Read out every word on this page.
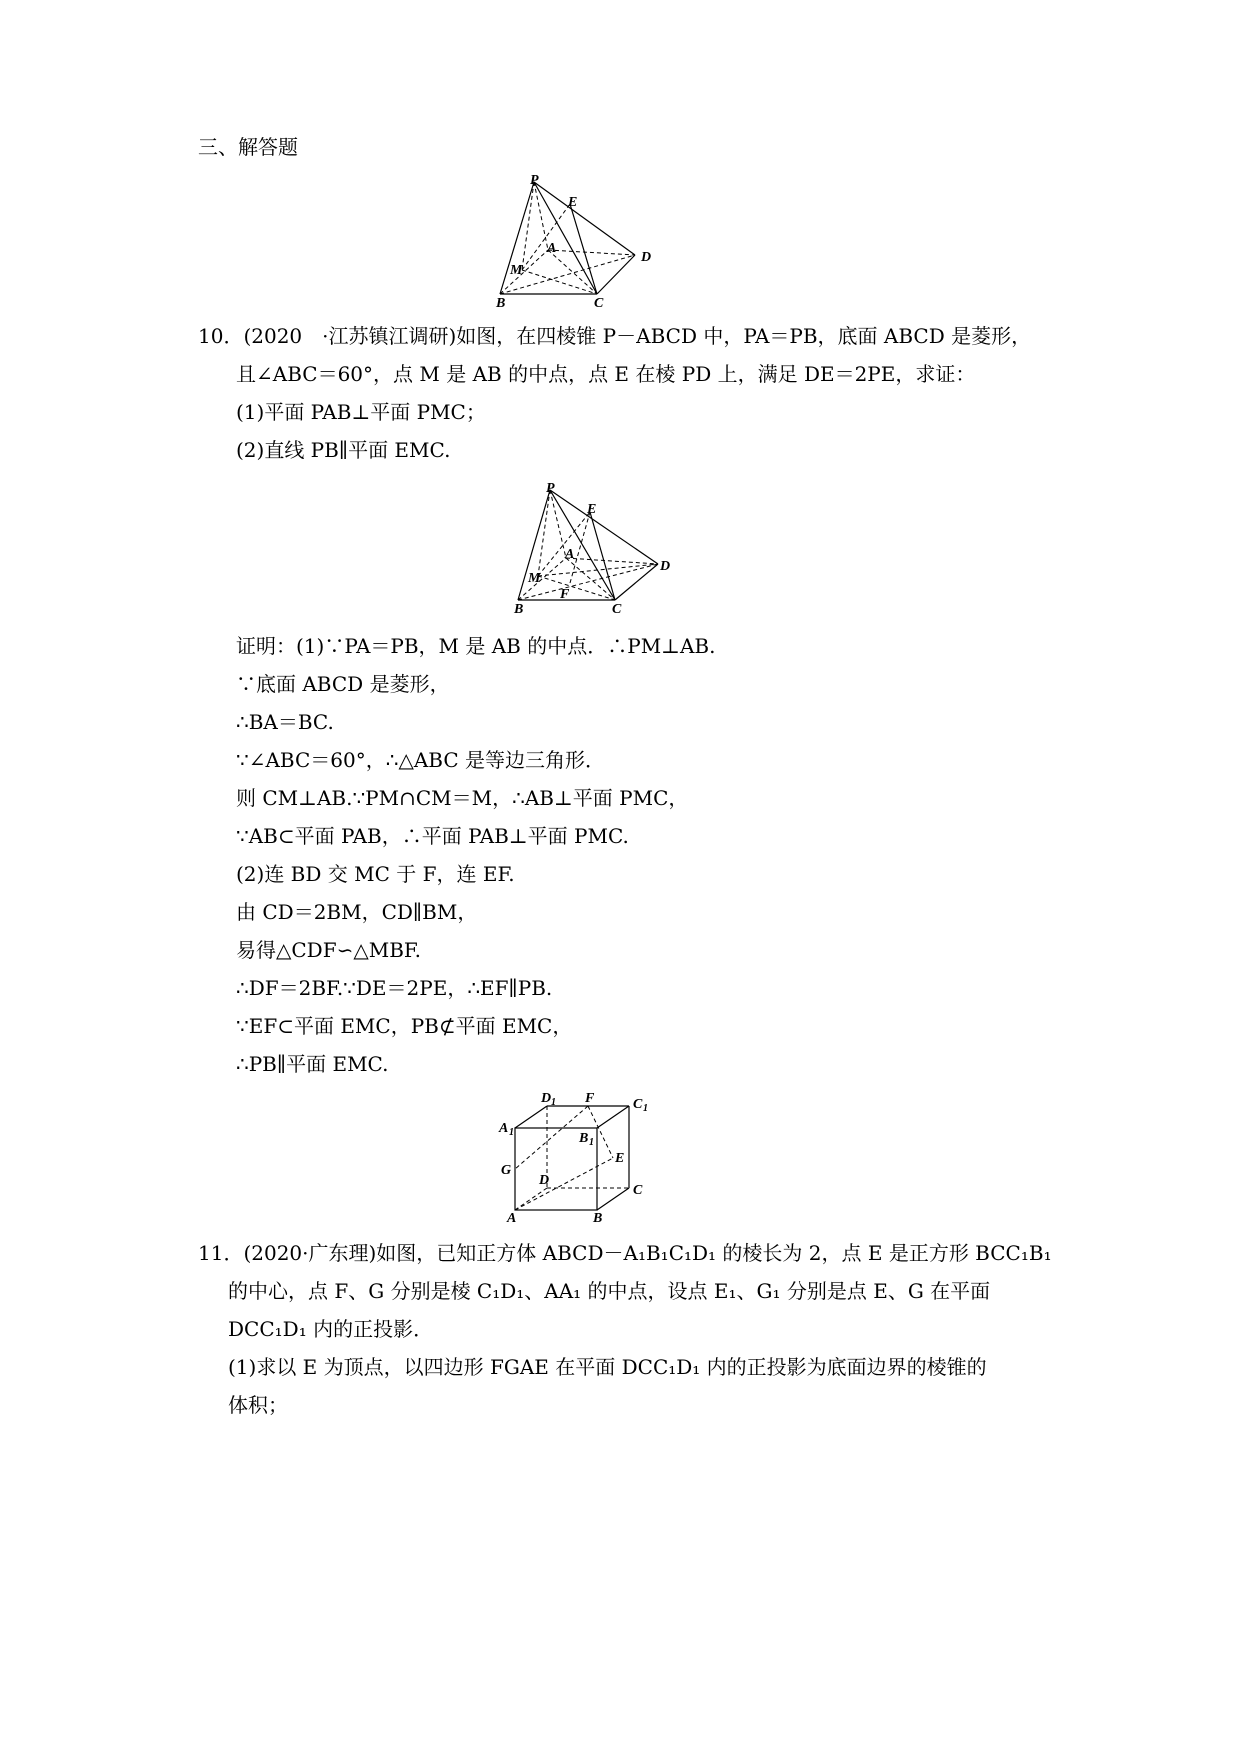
三、解答题
P
E
A
D
M
B	C
10．(2020　·江苏镇江调研)如图，在四棱锥 P－ABCD 中，PA＝PB，底面 ABCD 是菱形，
且∠ABC＝60°，点 M 是 AB 的中点，点 E 在棱 PD 上，满足 DE＝2PE，求证：
(1)平面 PAB⊥平面 PMC；
(2)直线 PB∥平面 EMC.
P
E
A
D
M
F
B	C
证明：(1)∵PA＝PB，M 是 AB 的中点．∴PM⊥AB.
∵底面 ABCD 是菱形，
∴BA＝BC.
∵∠ABC＝60°，∴△ABC 是等边三角形．
则 CM⊥AB.∵PM∩CM＝M，∴AB⊥平面 PMC，
∵AB⊂平面 PAB，∴平面 PAB⊥平面 PMC.
(2)连 BD 交 MC 于 F，连 EF.
由 CD＝2BM，CD∥BM，
易得△CDF∽△MBF.
∴DF＝2BF.∵DE＝2PE，∴EF∥PB.
∵EF⊂平面 EMC，PB⊄平面 EMC，
∴PB∥平面 EMC.
D 1 F	C 1
A 1	B 1
G
E
D
C
A	B
11．(2020·广东理)如图，已知正方体 ABCD－A₁B₁C₁D₁ 的棱长为 2，点 E 是正方形 BCC₁B₁
的中心，点 F、G 分别是棱 C₁D₁、AA₁ 的中点，设点 E₁、G₁ 分别是点 E、G 在平面
DCC₁D₁ 内的正投影．
(1)求以 E 为顶点，以四边形 FGAE 在平面 DCC₁D₁ 内的正投影为底面边界的棱锥的
体积；
